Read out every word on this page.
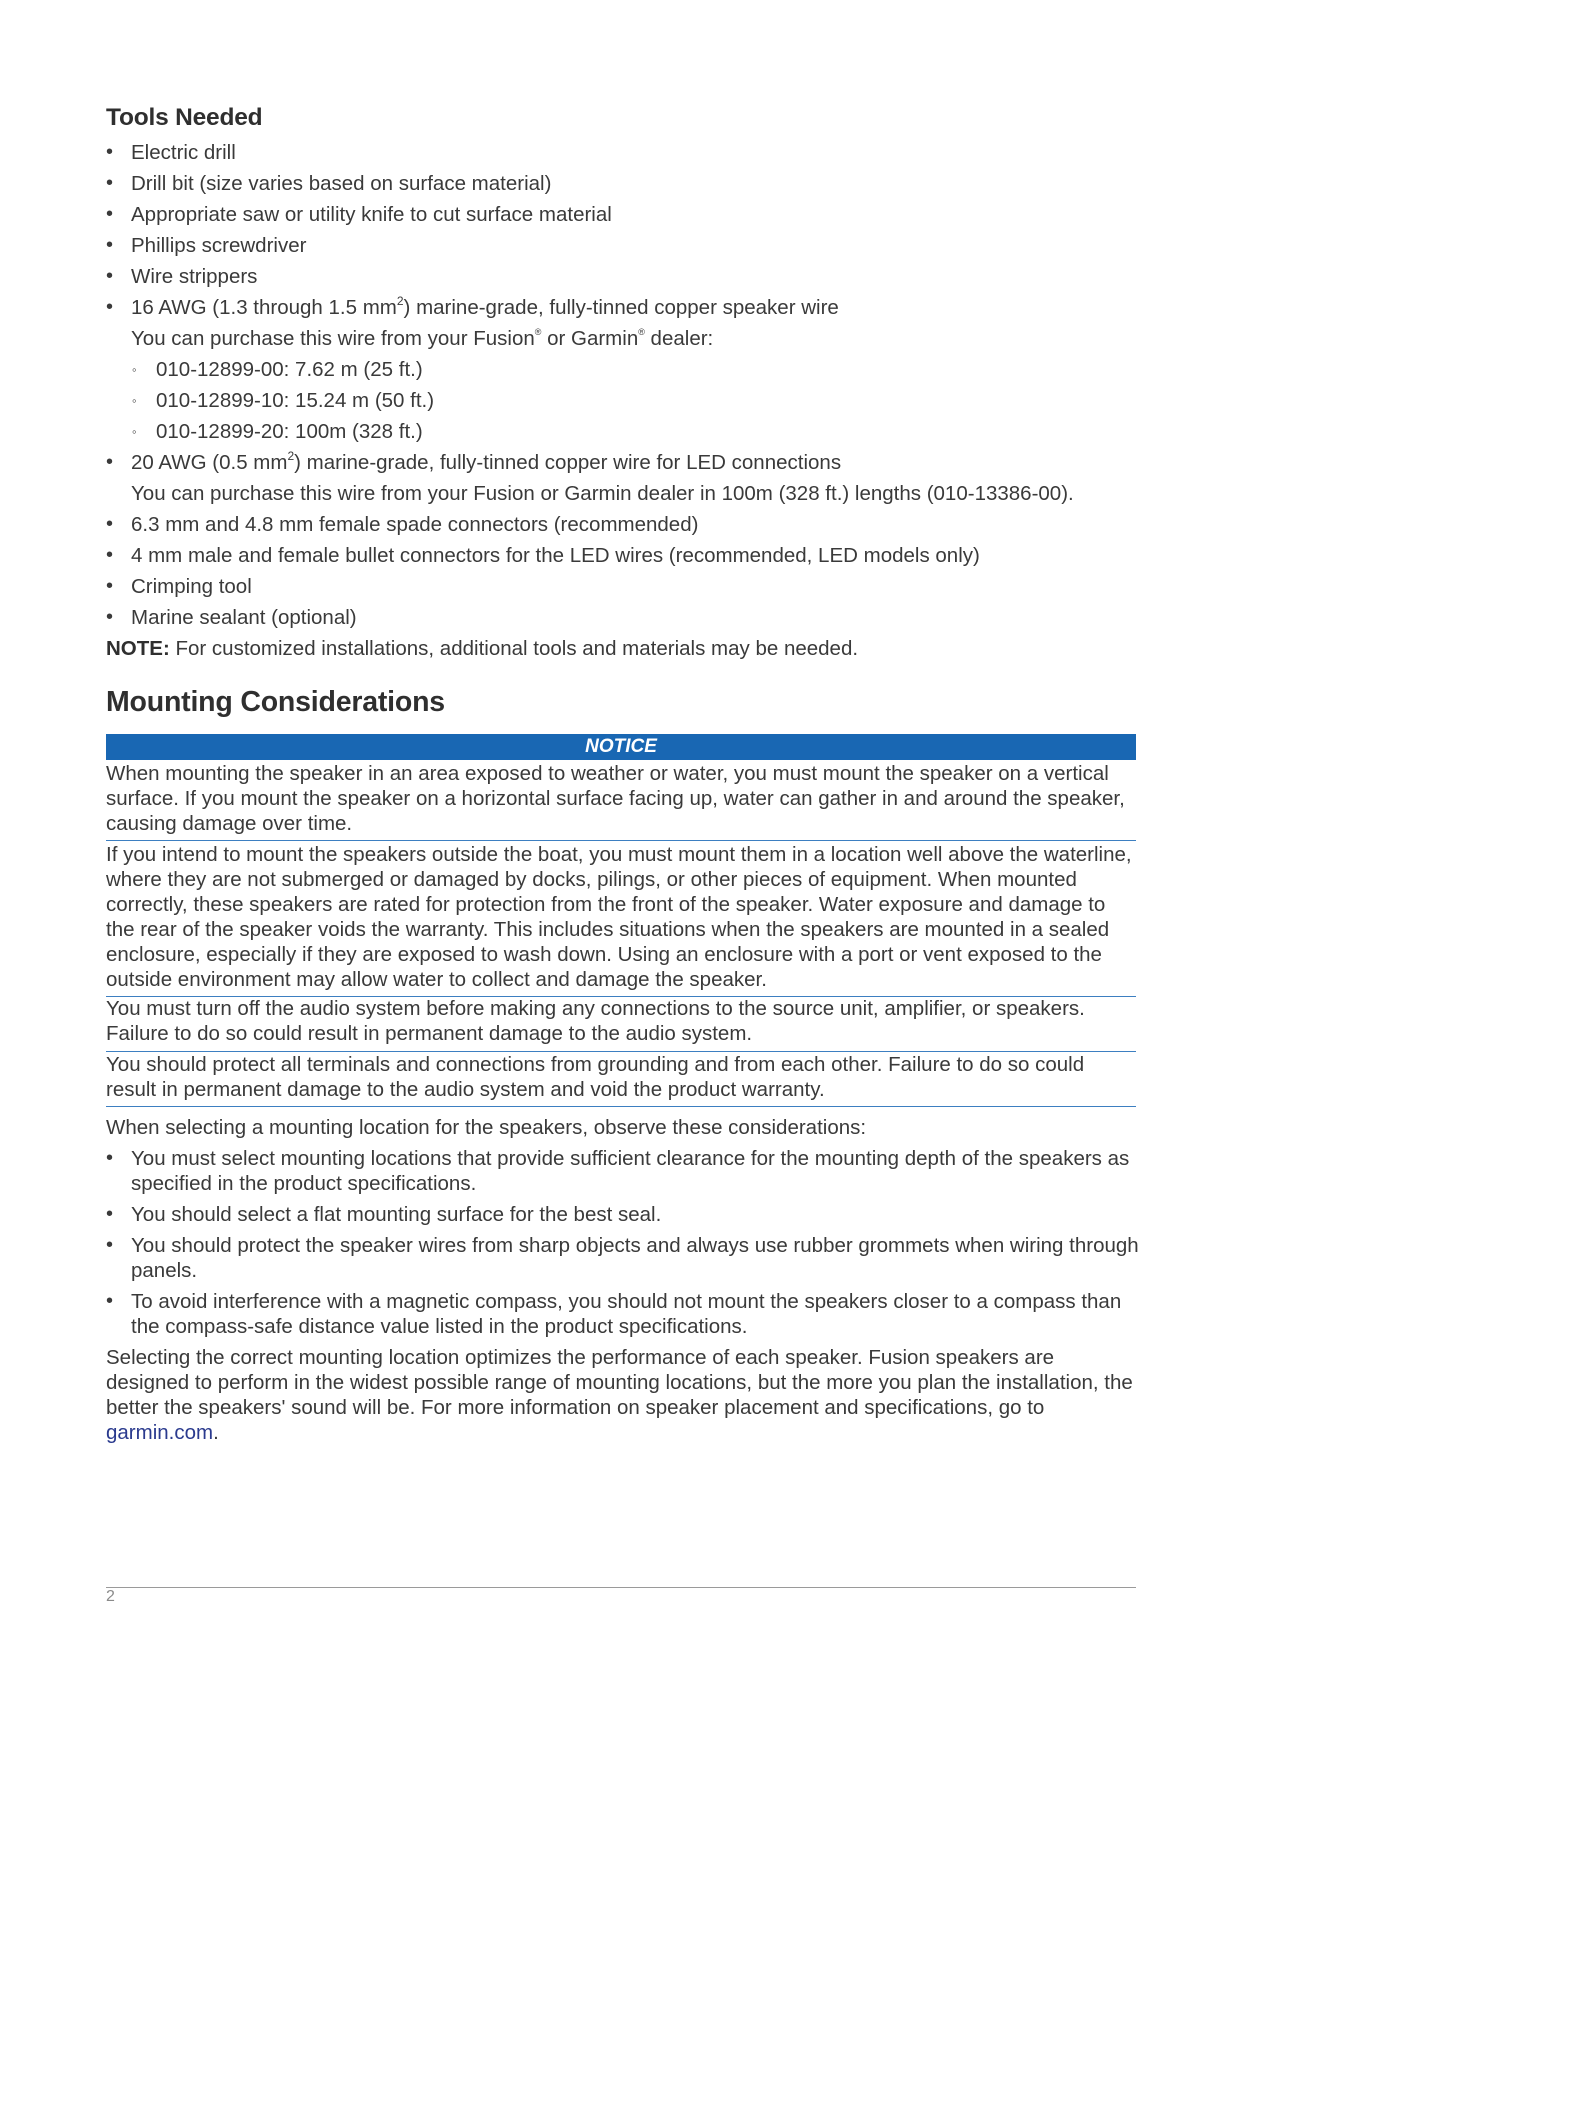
Tools Needed
• Electric drill
• Drill bit (size varies based on surface material)
• Appropriate saw or utility knife to cut surface material
• Phillips screwdriver
• Wire strippers
• 16 AWG (1.3 through 1.5 $mm^2$) marine-grade, fully-tinned copper speaker wire
You can purchase this wire from your Fusion® or Garmin® dealer:
◦ 010-12899-00: 7.62 m (25 ft.)
◦ 010-12899-10: 15.24 m (50 ft.)
◦ 010-12899-20: 100m (328 ft.)
• 20 AWG (0.5 $mm^2$) marine-grade, fully-tinned copper wire for LED connections
You can purchase this wire from your Fusion or Garmin dealer in 100m (328 ft.) lengths (010-13386-00).
• 6.3 mm and 4.8 mm female spade connectors (recommended)
• 4 mm male and female bullet connectors for the LED wires (recommended, LED models only)
• Crimping tool
• Marine sealant (optional)
NOTE: For customized installations, additional tools and materials may be needed.
Mounting Considerations
NOTICE
When mounting the speaker in an area exposed to weather or water, you must mount the speaker on a vertical surface. If you mount the speaker on a horizontal surface facing up, water can gather in and around the speaker, causing damage over time.
If you intend to mount the speakers outside the boat, you must mount them in a location well above the waterline, where they are not submerged or damaged by docks, pilings, or other pieces of equipment. When mounted correctly, these speakers are rated for protection from the front of the speaker. Water exposure and damage to the rear of the speaker voids the warranty. This includes situations when the speakers are mounted in a sealed enclosure, especially if they are exposed to wash down. Using an enclosure with a port or vent exposed to the outside environment may allow water to collect and damage the speaker.
You must turn off the audio system before making any connections to the source unit, amplifier, or speakers. Failure to do so could result in permanent damage to the audio system.
You should protect all terminals and connections from grounding and from each other. Failure to do so could result in permanent damage to the audio system and void the product warranty.
When selecting a mounting location for the speakers, observe these considerations:
• You must select mounting locations that provide sufficient clearance for the mounting depth of the speakers as specified in the product specifications.
• You should select a flat mounting surface for the best seal.
• You should protect the speaker wires from sharp objects and always use rubber grommets when wiring through panels.
• To avoid interference with a magnetic compass, you should not mount the speakers closer to a compass than the compass-safe distance value listed in the product specifications.
Selecting the correct mounting location optimizes the performance of each speaker. Fusion speakers are designed to perform in the widest possible range of mounting locations, but the more you plan the installation, the better the speakers' sound will be. For more information on speaker placement and specifications, go to garmin.com.
2
